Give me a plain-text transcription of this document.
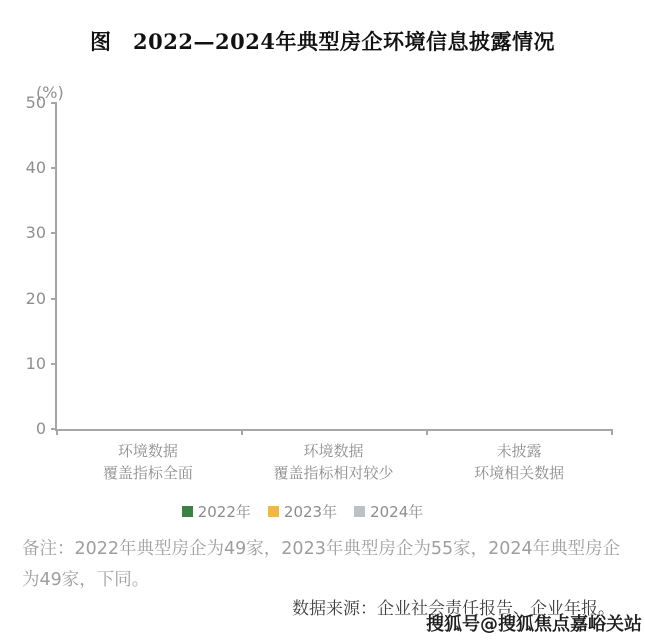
图　2022—2024年典型房企环境信息披露情况
(%)
0
10
20
30
40
50
环境数据
覆盖指标全面
环境数据
覆盖指标相对较少
未披露
环境相关数据
2022年 2023年 2024年
备注：2022年典型房企为49家，2023年典型房企为55家，2024年典型房企为49家，下同。
数据来源：企业社会责任报告、企业年报。
搜狐号@搜狐焦点嘉峪关站
